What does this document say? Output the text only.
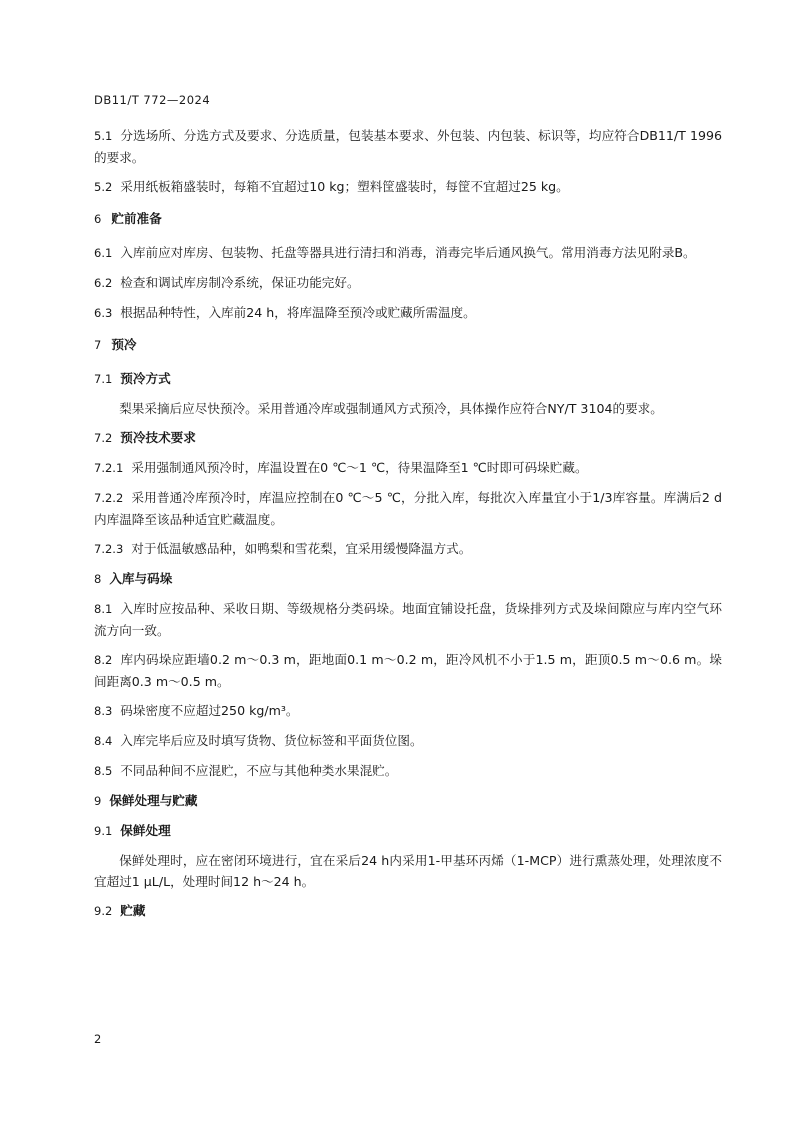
DB11/T 772—2024

5.1 分选场所、分选方式及要求、分选质量，包装基本要求、外包装、内包装、标识等，均应符合DB11/T 1996的要求。

5.2 采用纸板箱盛装时，每箱不宜超过10 kg；塑料筐盛装时，每筐不宜超过25 kg。

6 贮前准备

6.1 入库前应对库房、包装物、托盘等器具进行清扫和消毒，消毒完毕后通风换气。常用消毒方法见附录B。

6.2 检查和调试库房制冷系统，保证功能完好。

6.3 根据品种特性，入库前24 h，将库温降至预冷或贮藏所需温度。

7 预冷

7.1 预冷方式

梨果采摘后应尽快预冷。采用普通冷库或强制通风方式预冷，具体操作应符合NY/T 3104的要求。

7.2 预冷技术要求

7.2.1 采用强制通风预冷时，库温设置在0 ℃～1 ℃，待果温降至1 ℃时即可码垛贮藏。

7.2.2 采用普通冷库预冷时，库温应控制在0 ℃～5 ℃，分批入库，每批次入库量宜小于1/3库容量。库满后2 d内库温降至该品种适宜贮藏温度。

7.2.3 对于低温敏感品种，如鸭梨和雪花梨，宜采用缓慢降温方式。

8 入库与码垛

8.1 入库时应按品种、采收日期、等级规格分类码垛。地面宜铺设托盘，货垛排列方式及垛间隙应与库内空气环流方向一致。

8.2 库内码垛应距墙0.2 m～0.3 m，距地面0.1 m～0.2 m，距冷风机不小于1.5 m，距顶0.5 m～0.6 m。垛间距离0.3 m～0.5 m。

8.3 码垛密度不应超过250 kg/m³。

8.4 入库完毕后应及时填写货物、货位标签和平面货位图。

8.5 不同品种间不应混贮，不应与其他种类水果混贮。

9 保鲜处理与贮藏

9.1 保鲜处理

保鲜处理时，应在密闭环境进行，宜在采后24 h内采用1-甲基环丙烯（1-MCP）进行熏蒸处理，处理浓度不宜超过1 μL/L，处理时间12 h～24 h。

9.2 贮藏

2
